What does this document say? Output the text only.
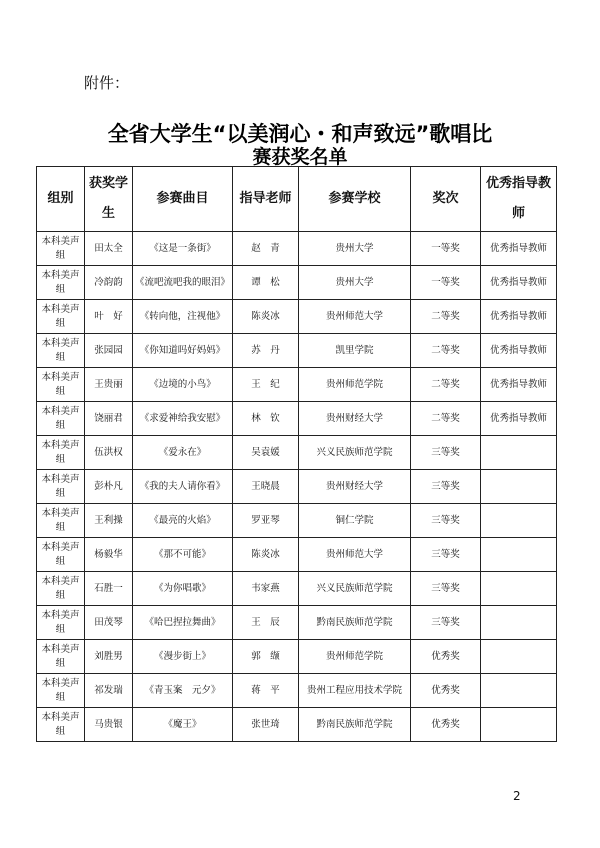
附件：
全省大学生“以美润心・和声致远”歌唱比
赛获奖名单
组别	获奖学生	参赛曲目	指导老师	参赛学校	奖次	优秀指导教师
本科美声组	田太全	《这是一条街》	赵　青	贵州大学	一等奖	优秀指导教师
本科美声组	冷韵韵	《流吧流吧我的眼泪》	谭　松	贵州大学	一等奖	优秀指导教师
本科美声组	叶　好	《转向他，注视他》	陈炎冰	贵州师范大学	二等奖	优秀指导教师
本科美声组	张园园	《你知道吗好妈妈》	苏　丹	凯里学院	二等奖	优秀指导教师
本科美声组	王贵丽	《边境的小鸟》	王　纪	贵州师范学院	二等奖	优秀指导教师
本科美声组	饶丽君	《求爱神给我安慰》	林　钦	贵州财经大学	二等奖	优秀指导教师
本科美声组	伍洪权	《爱永在》	吴袁媛	兴义民族师范学院	三等奖	
本科美声组	彭朴凡	《我的夫人请你看》	王晓晨	贵州财经大学	三等奖	
本科美声组	王利操	《最亮的火焰》	罗亚琴	铜仁学院	三等奖	
本科美声组	杨毅华	《那不可能》	陈炎冰	贵州师范大学	三等奖	
本科美声组	石胜一	《为你唱歌》	韦家燕	兴义民族师范学院	三等奖	
本科美声组	田茂琴	《哈巴捏拉舞曲》	王　辰	黔南民族师范学院	三等奖	
本科美声组	刘胜男	《漫步街上》	郭　缬	贵州师范学院	优秀奖	
本科美声组	祁发瑞	《青玉案　元夕》	蒋　平	贵州工程应用技术学院	优秀奖	
本科美声组	马贵银	《魔王》	张世琦	黔南民族师范学院	优秀奖	
2
